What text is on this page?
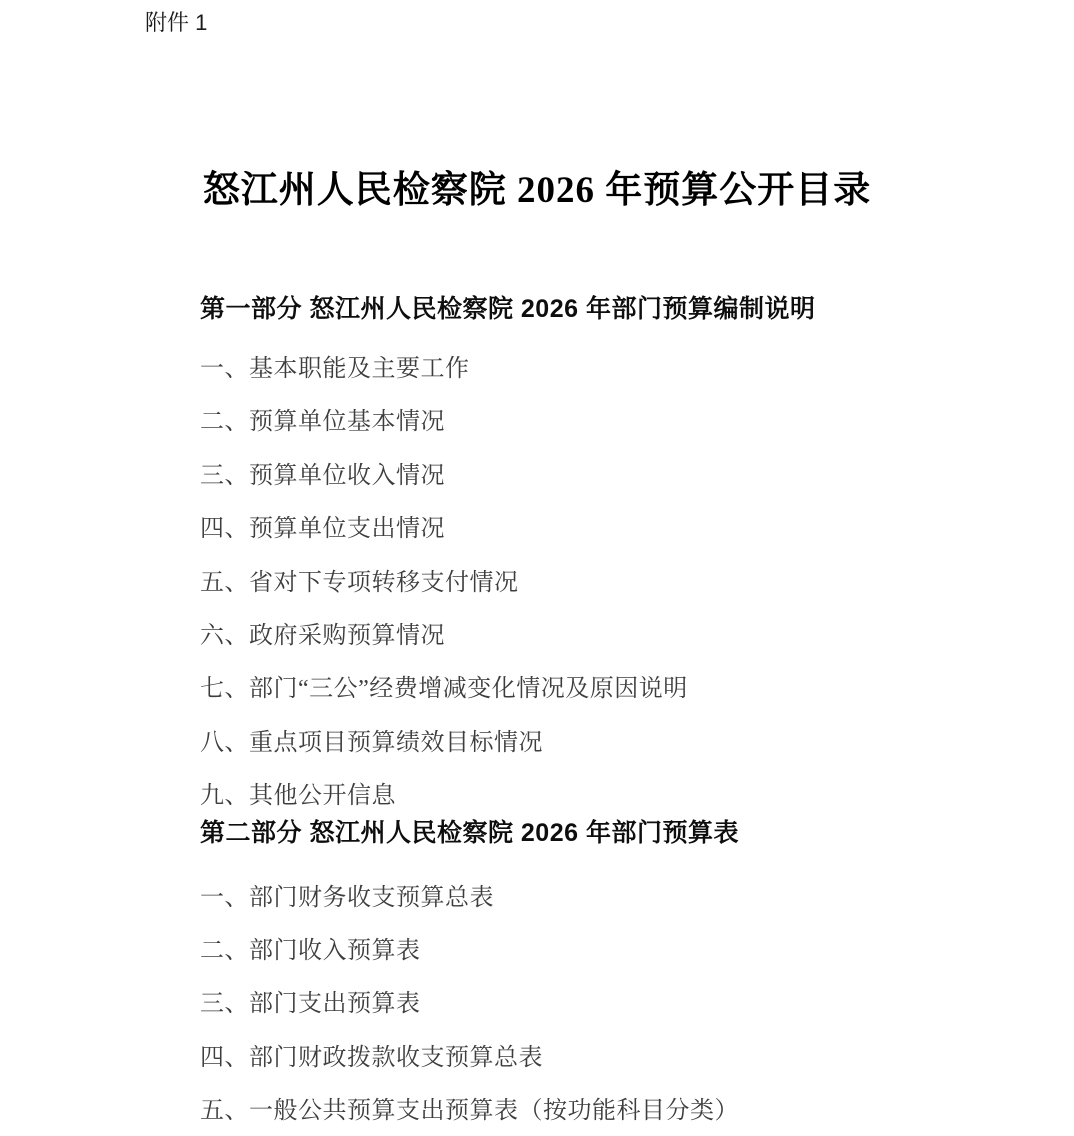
附件 1
怒江州人民检察院 2026 年预算公开目录
第一部分 怒江州人民检察院 2026 年部门预算编制说明
一、基本职能及主要工作
二、预算单位基本情况
三、预算单位收入情况
四、预算单位支出情况
五、省对下专项转移支付情况
六、政府采购预算情况
七、部门“三公”经费增减变化情况及原因说明
八、重点项目预算绩效目标情况
九、其他公开信息
第二部分 怒江州人民检察院 2026 年部门预算表
一、部门财务收支预算总表
二、部门收入预算表
三、部门支出预算表
四、部门财政拨款收支预算总表
五、一般公共预算支出预算表（按功能科目分类）
